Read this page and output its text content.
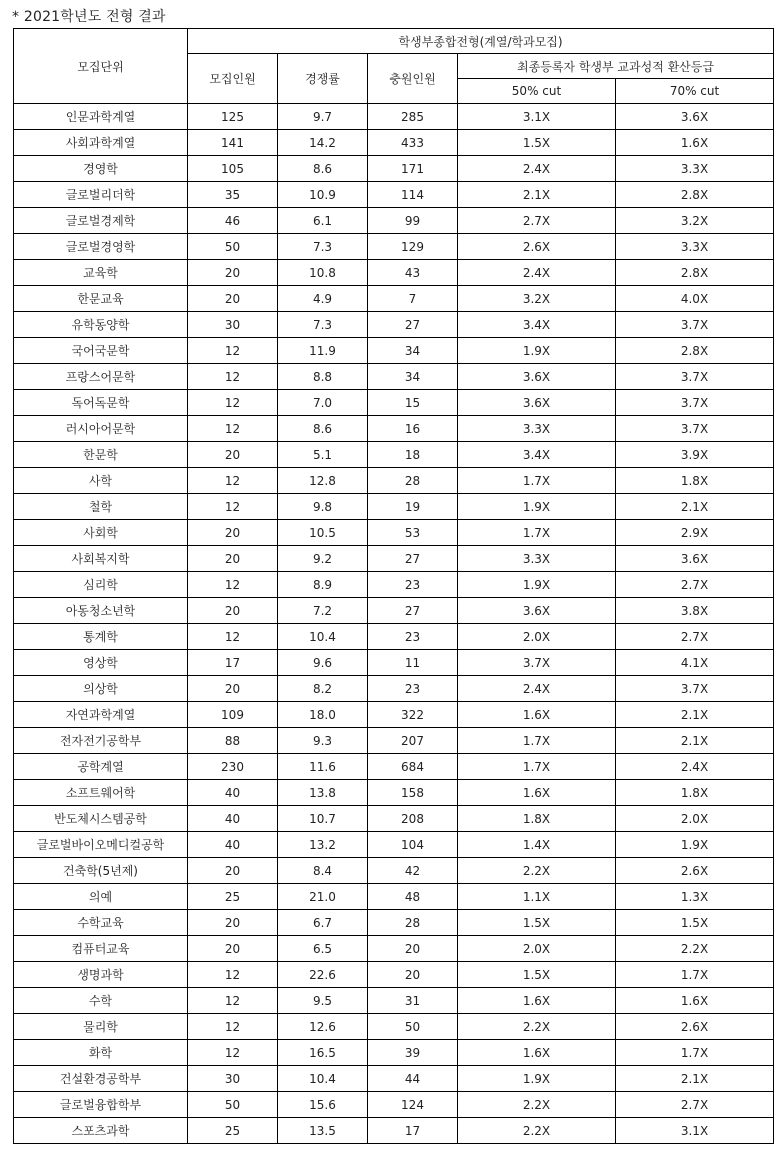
* 2021학년도 전형 결과
모집단위	학생부종합전형(계열/학과모집)				
	모집인원	경쟁률	충원인원	최종등록자 학생부 교과성적 환산등급	
				50% cut	70% cut
인문과학계열	125	9.7	285	3.1X	3.6X
사회과학계열	141	14.2	433	1.5X	1.6X
경영학	105	8.6	171	2.4X	3.3X
글로벌리더학	35	10.9	114	2.1X	2.8X
글로벌경제학	46	6.1	99	2.7X	3.2X
글로벌경영학	50	7.3	129	2.6X	3.3X
교육학	20	10.8	43	2.4X	2.8X
한문교육	20	4.9	7	3.2X	4.0X
유학동양학	30	7.3	27	3.4X	3.7X
국어국문학	12	11.9	34	1.9X	2.8X
프랑스어문학	12	8.8	34	3.6X	3.7X
독어독문학	12	7.0	15	3.6X	3.7X
러시아어문학	12	8.6	16	3.3X	3.7X
한문학	20	5.1	18	3.4X	3.9X
사학	12	12.8	28	1.7X	1.8X
철학	12	9.8	19	1.9X	2.1X
사회학	20	10.5	53	1.7X	2.9X
사회복지학	20	9.2	27	3.3X	3.6X
심리학	12	8.9	23	1.9X	2.7X
아동청소년학	20	7.2	27	3.6X	3.8X
통계학	12	10.4	23	2.0X	2.7X
영상학	17	9.6	11	3.7X	4.1X
의상학	20	8.2	23	2.4X	3.7X
자연과학계열	109	18.0	322	1.6X	2.1X
전자전기공학부	88	9.3	207	1.7X	2.1X
공학계열	230	11.6	684	1.7X	2.4X
소프트웨어학	40	13.8	158	1.6X	1.8X
반도체시스템공학	40	10.7	208	1.8X	2.0X
글로벌바이오메디컬공학	40	13.2	104	1.4X	1.9X
건축학(5년제)	20	8.4	42	2.2X	2.6X
의예	25	21.0	48	1.1X	1.3X
수학교육	20	6.7	28	1.5X	1.5X
컴퓨터교육	20	6.5	20	2.0X	2.2X
생명과학	12	22.6	20	1.5X	1.7X
수학	12	9.5	31	1.6X	1.6X
물리학	12	12.6	50	2.2X	2.6X
화학	12	16.5	39	1.6X	1.7X
건설환경공학부	30	10.4	44	1.9X	2.1X
글로벌융합학부	50	15.6	124	2.2X	2.7X
스포츠과학	25	13.5	17	2.2X	3.1X
